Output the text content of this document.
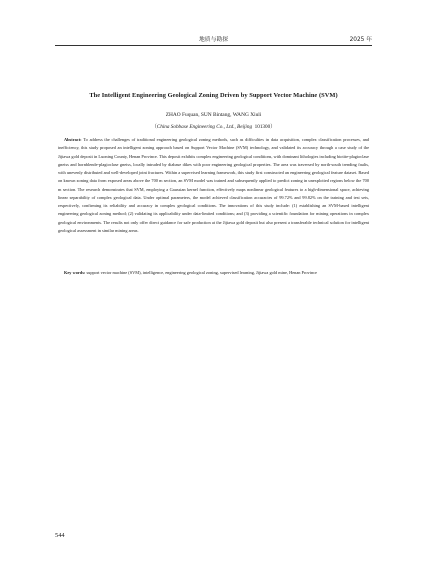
地质与勘探	2025 年
The Intelligent Engineering Geological Zoning Driven by Support Vector Machine (SVM)
ZHAO Fuquan, SUN Bintang, WANG Xiuli
（China Sobbase Engineering Co., Ltd., Beijing 101300）
Abstract: To address the challenges of traditional engineering geological zoning methods, such as difficulties in data acquisition, complex classification processes, and inefficiency, this study proposed an intelligent zoning approach based on Support Vector Machine (SVM) technology, and validated its accuracy through a case study of the Jijiawa gold deposit in Luoning County, Henan Province. This deposit exhibits complex engineering geological conditions, with dominant lithologies including biotite-plagioclase gneiss and hornblende-plagioclase gneiss, locally intruded by diabase dikes with poor engineering geological properties. The area was traversed by north-south trending faults, with unevenly distributed and well-developed joint fractures. Within a supervised learning framework, this study first constructed an engineering geological feature dataset. Based on known zoning data from exposed areas above the 700 m section, an SVM model was trained and subsequently applied to predict zoning in unexploited regions below the 700 m section. The research demonstrates that SVM, employing a Gaussian kernel function, effectively maps nonlinear geological features to a high-dimensional space, achieving linear separability of complex geological data. Under optimal parameters, the model achieved classification accuracies of 99.72% and 99.82% on the training and test sets, respectively, confirming its reliability and accuracy in complex geological conditions. The innovations of this study include: (1) establishing an SVM-based intelligent engineering geological zoning method; (2) validating its applicability under data-limited conditions; and (3) providing a scientific foundation for mining operations in complex geological environments. The results not only offer direct guidance for safe production at the Jijiawa gold deposit but also present a transferable technical solution for intelligent geological assessment in similar mining areas.
Key words: support vector machine (SVM), intelligence, engineering geological zoning, supervised learning, Jijiawa gold mine, Henan Province
544
